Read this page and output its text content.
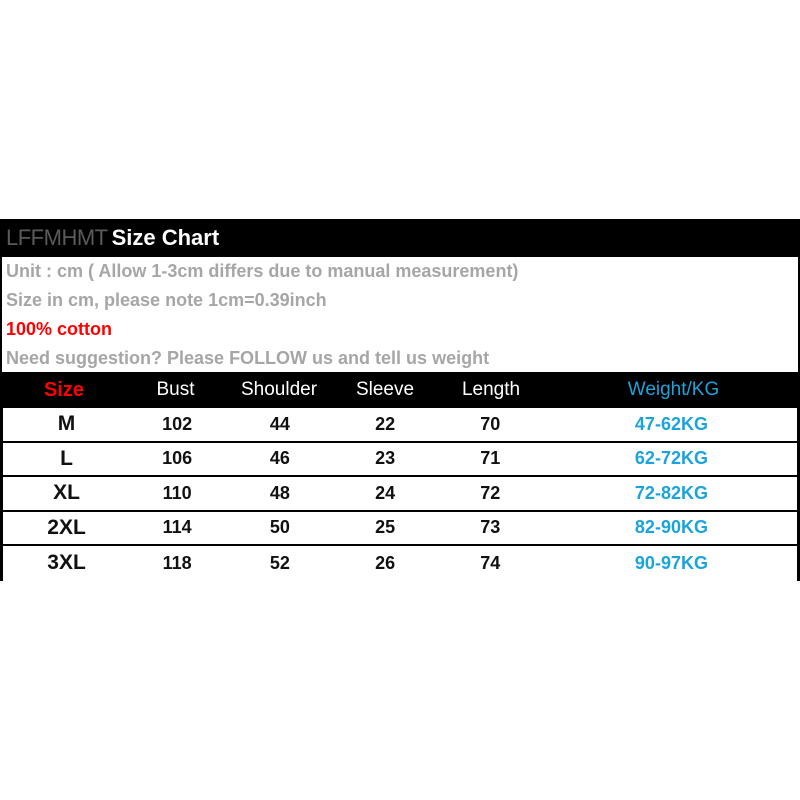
LFFMHMT Size Chart
Unit : cm ( Allow 1-3cm differs due to manual measurement)
Size in cm, please note 1cm=0.39inch
100% cotton
Need suggestion? Please FOLLOW us and tell us weight
Size	Bust	Shoulder	Sleeve	Length	Weight/KG
M	102	44	22	70	47-62KG
L	106	46	23	71	62-72KG
XL	110	48	24	72	72-82KG
2XL	114	50	25	73	82-90KG
3XL	118	52	26	74	90-97KG
